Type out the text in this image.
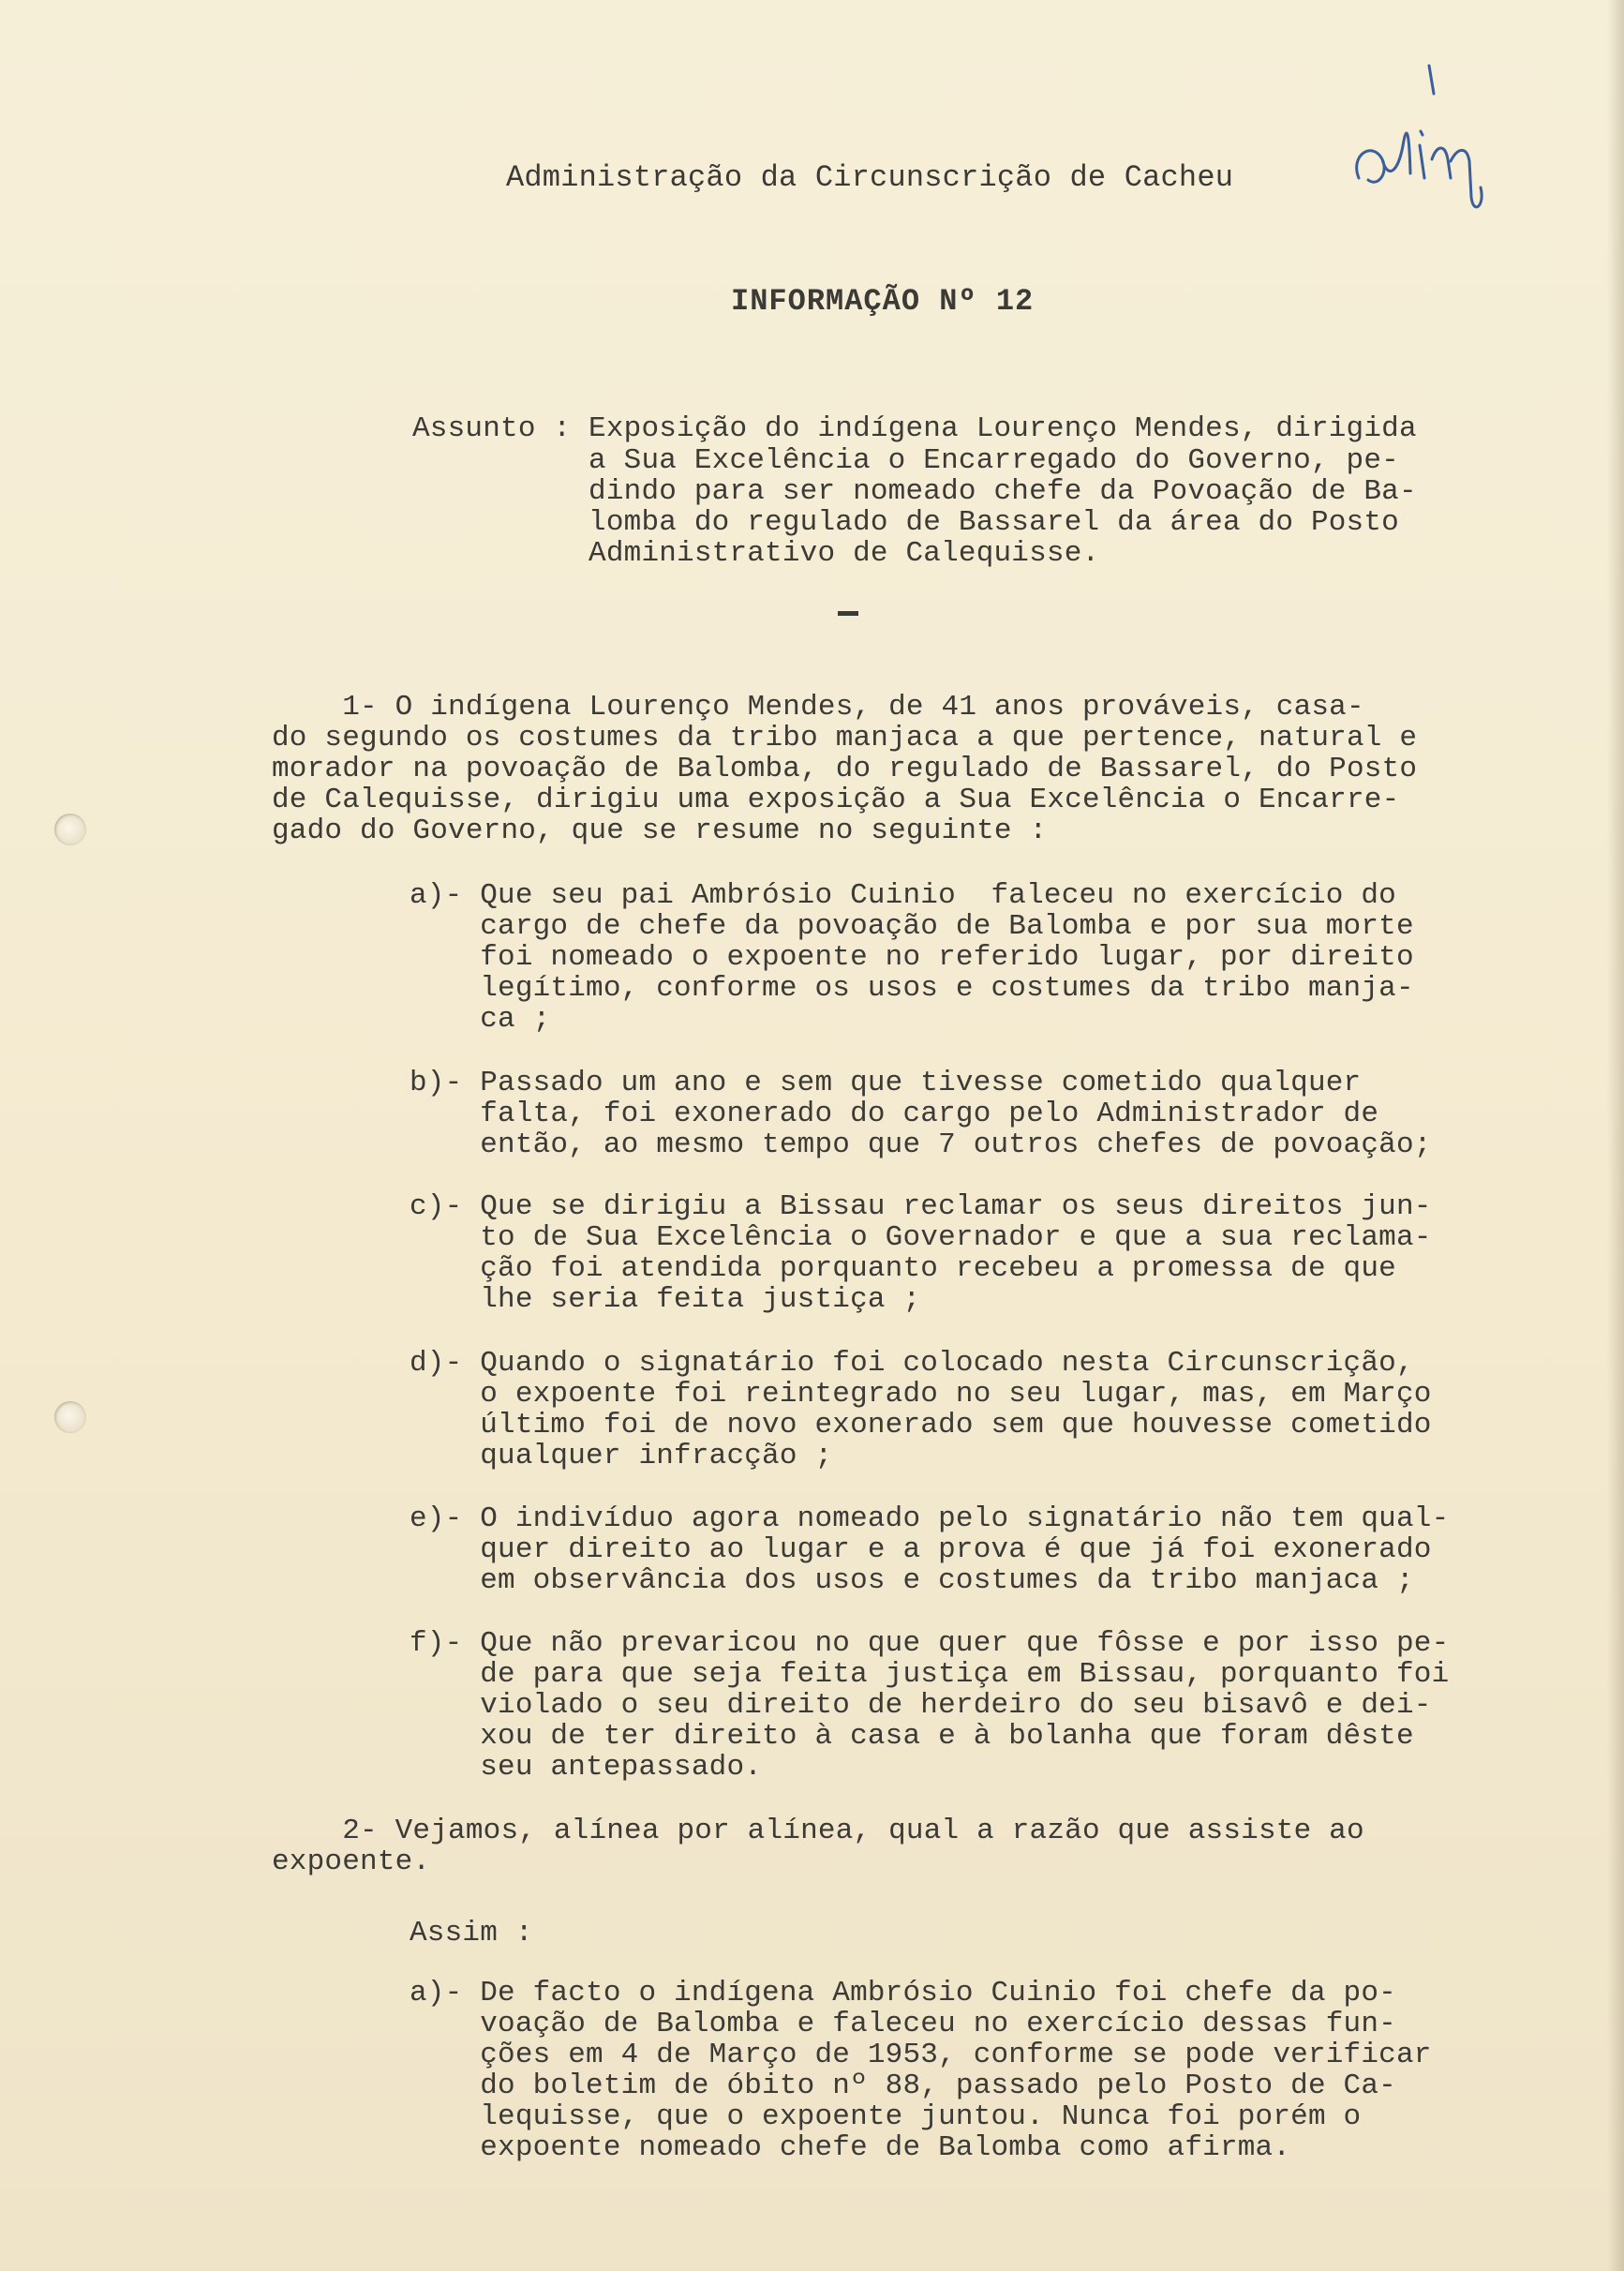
Administração da Circunscrição de Cacheu

INFORMAÇÃO Nº 12

Assunto : Exposição do indígena Lourenço Mendes, dirigida

a Sua Excelência o Encarregado do Governo, pe-

dindo para ser nomeado chefe da Povoação de Ba-

lomba do regulado de Bassarel da área do Posto

Administrativo de Calequisse.

1- O indígena Lourenço Mendes, de 41 anos prováveis, casa-

do segundo os costumes da tribo manjaca a que pertence, natural e

morador na povoação de Balomba, do regulado de Bassarel, do Posto

de Calequisse, dirigiu uma exposição a Sua Excelência o Encarre-

gado do Governo, que se resume no seguinte :

a)- Que seu pai Ambrósio Cuinio  faleceu no exercício do

cargo de chefe da povoação de Balomba e por sua morte

foi nomeado o expoente no referido lugar, por direito

legítimo, conforme os usos e costumes da tribo manja-

ca ;

b)- Passado um ano e sem que tivesse cometido qualquer

falta, foi exonerado do cargo pelo Administrador de

então, ao mesmo tempo que 7 outros chefes de povoação;

c)- Que se dirigiu a Bissau reclamar os seus direitos jun-

to de Sua Excelência o Governador e que a sua reclama-

ção foi atendida porquanto recebeu a promessa de que

lhe seria feita justiça ;

d)- Quando o signatário foi colocado nesta Circunscrição,

o expoente foi reintegrado no seu lugar, mas, em Março

último foi de novo exonerado sem que houvesse cometido

qualquer infracção ;

e)- O indivíduo agora nomeado pelo signatário não tem qual-

quer direito ao lugar e a prova é que já foi exonerado

em observância dos usos e costumes da tribo manjaca ;

f)- Que não prevaricou no que quer que fôsse e por isso pe-

de para que seja feita justiça em Bissau, porquanto foi

violado o seu direito de herdeiro do seu bisavô e dei-

xou de ter direito à casa e à bolanha que foram dêste

seu antepassado.

2- Vejamos, alínea por alínea, qual a razão que assiste ao

expoente.

Assim :

a)- De facto o indígena Ambrósio Cuinio foi chefe da po-

voação de Balomba e faleceu no exercício dessas fun-

ções em 4 de Março de 1953, conforme se pode verificar

do boletim de óbito nº 88, passado pelo Posto de Ca-

lequisse, que o expoente juntou. Nunca foi porém o

expoente nomeado chefe de Balomba como afirma.
